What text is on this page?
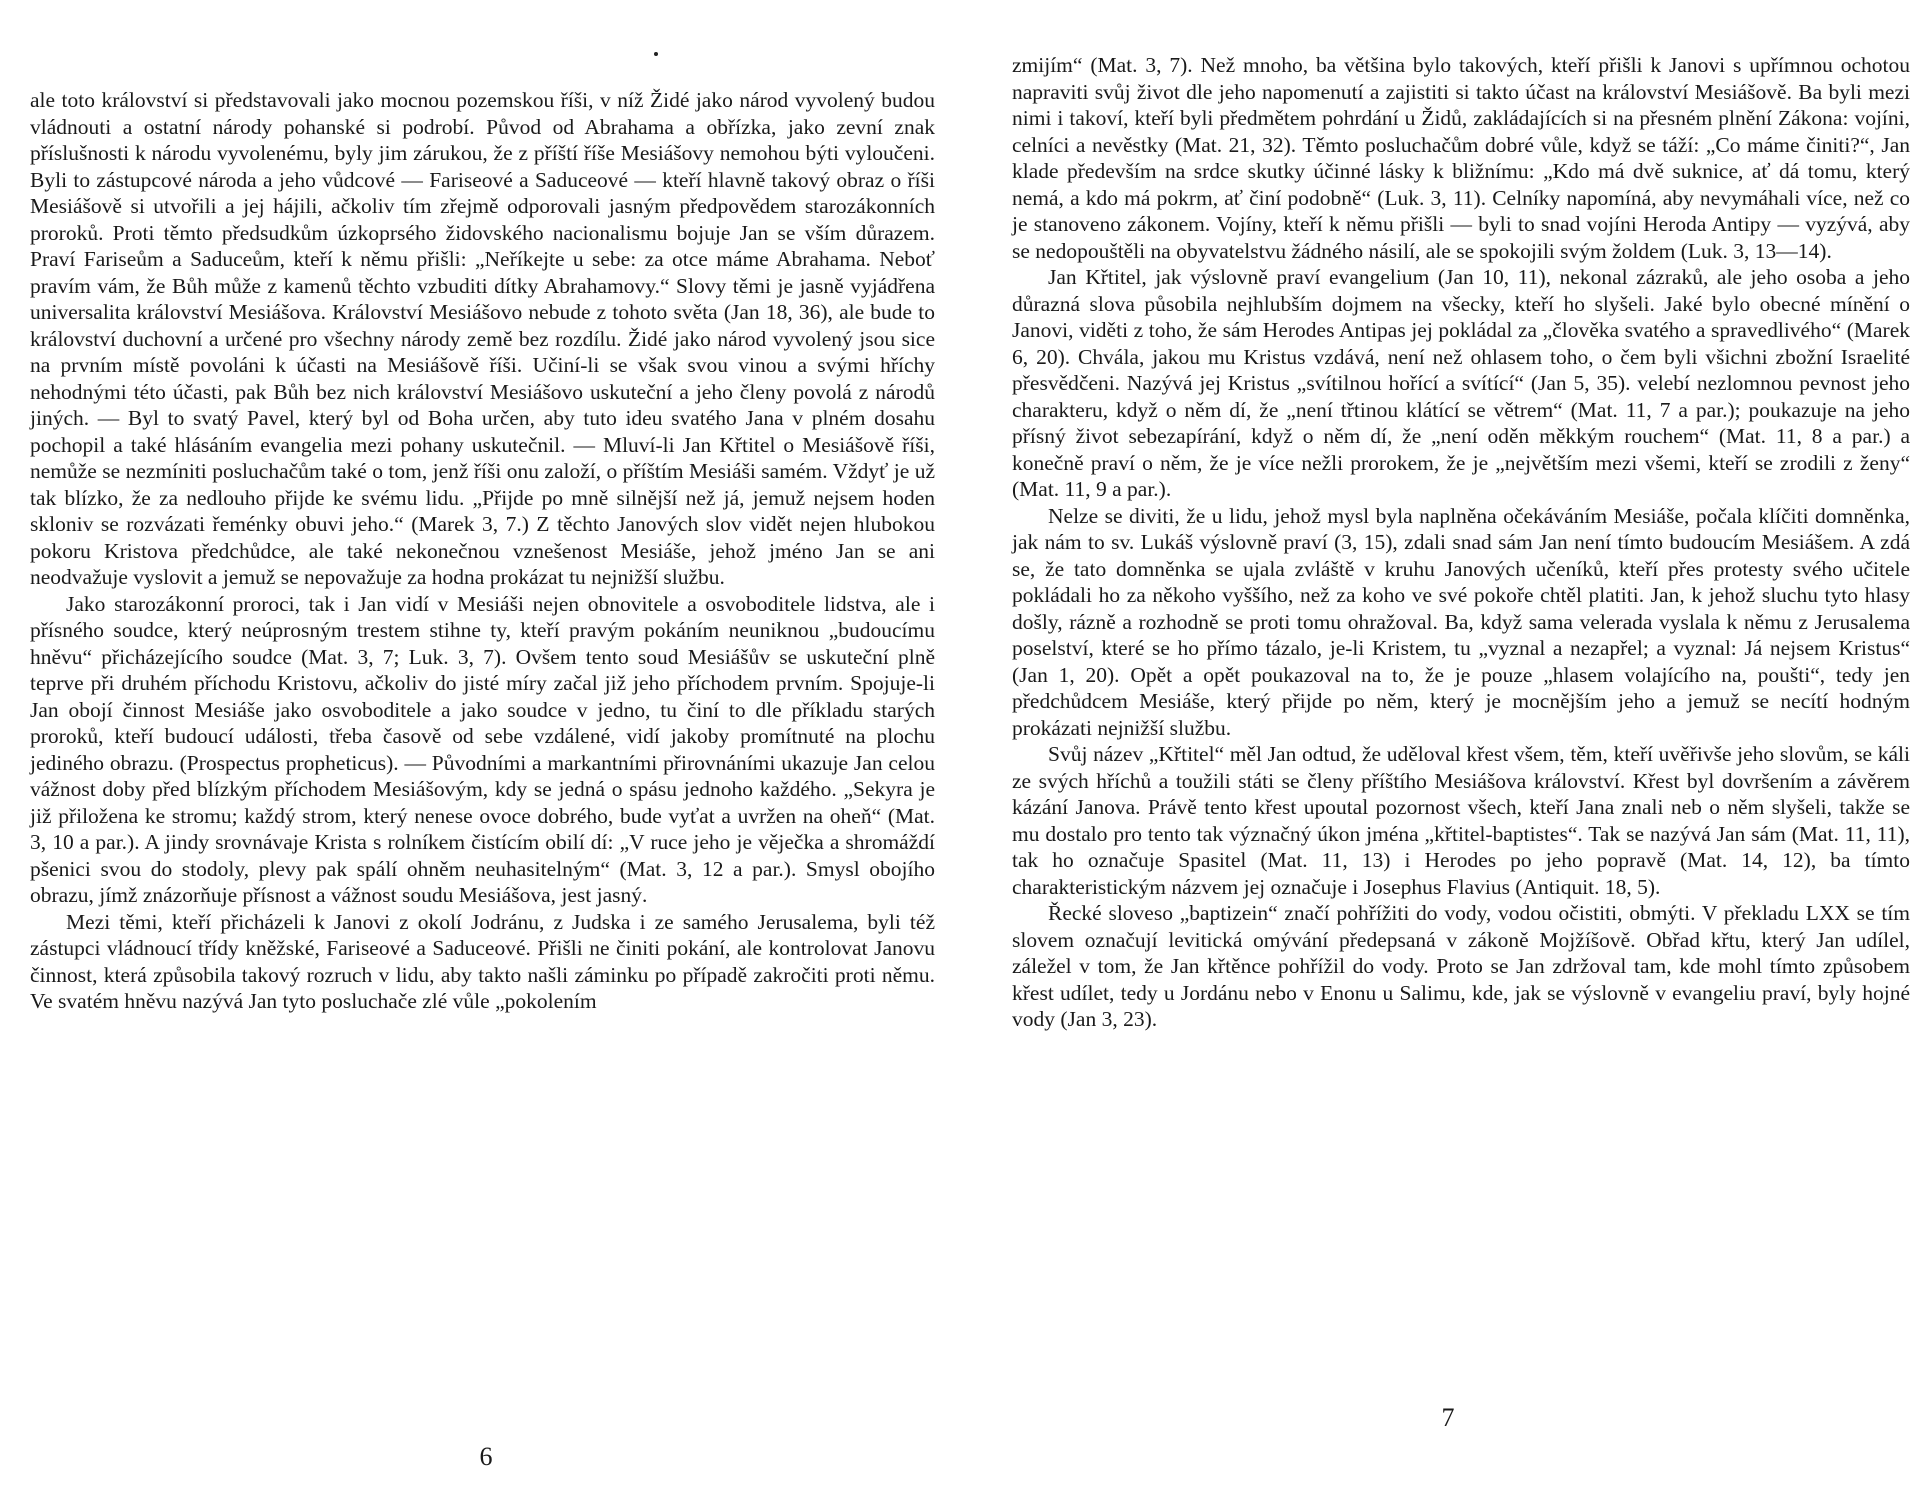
ale toto království si představovali jako mocnou pozemskou říši, v níž Židé jako národ vyvolený budou vládnouti a ostatní národy pohanské si podrobí. Původ od Abrahama a obřízka, jako zevní znak příslušnosti k národu vyvolenému, byly jim zárukou, že z příští říše Mesiášovy nemohou býti vyloučeni. Byli to zástupcové národa a jeho vůdcové — Fariseové a Saduceové — kteří hlavně takový obraz o říši Mesiášově si utvořili a jej hájili, ačkoliv tím zřejmě odporovali jasným předpovědem starozákonních proroků. Proti těmto předsudkům úzkoprsého židovského nacionalismu bojuje Jan se vším důrazem. Praví Fariseům a Saduceům, kteří k němu přišli: „Neříkejte u sebe: za otce máme Abrahama. Neboť pravím vám, že Bůh může z kamenů těchto vzbuditi dítky Abrahamovy.“ Slovy těmi je jasně vyjádřena universalita království Mesiášova. Království Mesiášovo nebude z tohoto světa (Jan 18, 36), ale bude to království duchovní a určené pro všechny národy země bez rozdílu. Židé jako národ vyvolený jsou sice na prvním místě povoláni k účasti na Mesiášově říši. Učiní-li se však svou vinou a svými hříchy nehodnými této účasti, pak Bůh bez nich království Mesiášovo uskuteční a jeho členy povolá z národů jiných. — Byl to svatý Pavel, který byl od Boha určen, aby tuto ideu svatého Jana v plném dosahu pochopil a také hlásáním evangelia mezi pohany uskutečnil. — Mluví-li Jan Křtitel o Mesiášově říši, nemůže se nezmíniti posluchačům také o tom, jenž říši onu založí, o příštím Mesiáši samém. Vždyť je už tak blízko, že za nedlouho přijde ke svému lidu. „Přijde po mně silnější než já, jemuž nejsem hoden skloniv se rozvázati řeménky obuvi jeho.“ (Marek 3, 7.) Z těchto Janových slov vidět nejen hlubokou pokoru Kristova předchůdce, ale také nekonečnou vznešenost Mesiáše, jehož jméno Jan se ani neodvažuje vyslovit a jemuž se nepovažuje za hodna prokázat tu nejnižší službu.

Jako starozákonní proroci, tak i Jan vidí v Mesiáši nejen obnovitele a osvoboditele lidstva, ale i přísného soudce, který neúprosným trestem stihne ty, kteří pravým pokáním neuniknou „budoucímu hněvu“ přicházejícího soudce (Mat. 3, 7; Luk. 3, 7). Ovšem tento soud Mesiášův se uskuteční plně teprve při druhém příchodu Kristovu, ačkoliv do jisté míry začal již jeho příchodem prvním. Spojuje-li Jan obojí činnost Mesiáše jako osvoboditele a jako soudce v jedno, tu činí to dle příkladu starých proroků, kteří budoucí události, třeba časově od sebe vzdálené, vidí jakoby promítnuté na plochu jediného obrazu. (Prospectus propheticus). — Původními a markantními přirovnáními ukazuje Jan celou vážnost doby před blízkým příchodem Mesiášovým, kdy se jedná o spásu jednoho každého. „Sekyra je již přiložena ke stromu; každý strom, který nenese ovoce dobrého, bude vyťat a uvržen na oheň“ (Mat. 3, 10 a par.). A jindy srovnávaje Krista s rolníkem čistícím obilí dí: „V ruce jeho je věječka a shromáždí pšenici svou do stodoly, plevy pak spálí ohněm neuhasitelným“ (Mat. 3, 12 a par.). Smysl obojího obrazu, jímž znázorňuje přísnost a vážnost soudu Mesiášova, jest jasný.

Mezi těmi, kteří přicházeli k Janovi z okolí Jodránu, z Judska i ze samého Jerusalema, byli též zástupci vládnoucí třídy kněžské, Fariseové a Saduceové. Přišli ne činiti pokání, ale kontrolovat Janovu činnost, která způsobila takový rozruch v lidu, aby takto našli záminku po případě zakročiti proti němu. Ve svatém hněvu nazývá Jan tyto posluchače zlé vůle „pokolením

6

zmijím“ (Mat. 3, 7). Než mnoho, ba většina bylo takových, kteří přišli k Janovi s upřímnou ochotou napraviti svůj život dle jeho napomenutí a zajistiti si takto účast na království Mesiášově. Ba byli mezi nimi i takoví, kteří byli předmětem pohrdání u Židů, zakládajících si na přesném plnění Zákona: vojíni, celníci a nevěstky (Mat. 21, 32). Těmto posluchačům dobré vůle, když se táží: „Co máme činiti?“, Jan klade především na srdce skutky účinné lásky k bližnímu: „Kdo má dvě suknice, ať dá tomu, který nemá, a kdo má pokrm, ať činí podobně“ (Luk. 3, 11). Celníky napomíná, aby nevymáhali více, než co je stanoveno zákonem. Vojíny, kteří k němu přišli — byli to snad vojíni Heroda Antipy — vyzývá, aby se nedopouštěli na obyvatelstvu žádného násilí, ale se spokojili svým žoldem (Luk. 3, 13—14).

Jan Křtitel, jak výslovně praví evangelium (Jan 10, 11), nekonal zázraků, ale jeho osoba a jeho důrazná slova působila nejhlubším dojmem na všecky, kteří ho slyšeli. Jaké bylo obecné mínění o Janovi, viděti z toho, že sám Herodes Antipas jej pokládal za „člověka svatého a spravedlivého“ (Marek 6, 20). Chvála, jakou mu Kristus vzdává, není než ohlasem toho, o čem byli všichni zbožní Israelité přesvědčeni. Nazývá jej Kristus „svítilnou hořící a svítící“ (Jan 5, 35). velebí nezlomnou pevnost jeho charakteru, když o něm dí, že „není třtinou klátící se větrem“ (Mat. 11, 7 a par.); poukazuje na jeho přísný život sebezapírání, když o něm dí, že „není oděn měkkým rouchem“ (Mat. 11, 8 a par.) a konečně praví o něm, že je více nežli prorokem, že je „největším mezi všemi, kteří se zrodili z ženy“ (Mat. 11, 9 a par.).

Nelze se diviti, že u lidu, jehož mysl byla naplněna očekáváním Mesiáše, počala klíčiti domněnka, jak nám to sv. Lukáš výslovně praví (3, 15), zdali snad sám Jan není tímto budoucím Mesiášem. A zdá se, že tato domněnka se ujala zvláště v kruhu Janových učeníků, kteří přes protesty svého učitele pokládali ho za někoho vyššího, než za koho ve své pokoře chtěl platiti. Jan, k jehož sluchu tyto hlasy došly, rázně a rozhodně se proti tomu ohražoval. Ba, když sama velerada vyslala k němu z Jerusalema poselství, které se ho přímo tázalo, je-li Kristem, tu „vyznal a nezapřel; a vyznal: Já nejsem Kristus“ (Jan 1, 20). Opět a opět poukazoval na to, že je pouze „hlasem volajícího na, poušti“, tedy jen předchůdcem Mesiáše, který přijde po něm, který je mocnějším jeho a jemuž se necítí hodným prokázati nejnižší službu.

Svůj název „Křtitel“ měl Jan odtud, že uděloval křest všem, těm, kteří uvěřivše jeho slovům, se káli ze svých hříchů a toužili státi se členy příštího Mesiášova království. Křest byl dovršením a závěrem kázání Janova. Právě tento křest upoutal pozornost všech, kteří Jana znali neb o něm slyšeli, takže se mu dostalo pro tento tak význačný úkon jména „křtitel-baptistes“. Tak se nazývá Jan sám (Mat. 11, 11), tak ho označuje Spasitel (Mat. 11, 13) i Herodes po jeho popravě (Mat. 14, 12), ba tímto charakteristickým názvem jej označuje i Josephus Flavius (Antiquit. 18, 5).

Řecké sloveso „baptizein“ značí pohřížiti do vody, vodou očistiti, obmýti. V překladu LXX se tím slovem označují levitická omývání předepsaná v zákoně Mojžíšově. Obřad křtu, který Jan udílel, záležel v tom, že Jan křtěnce pohřížil do vody. Proto se Jan zdržoval tam, kde mohl tímto způsobem křest udílet, tedy u Jordánu nebo v Enonu u Salimu, kde, jak se výslovně v evangeliu praví, byly hojné vody (Jan 3, 23).

7
